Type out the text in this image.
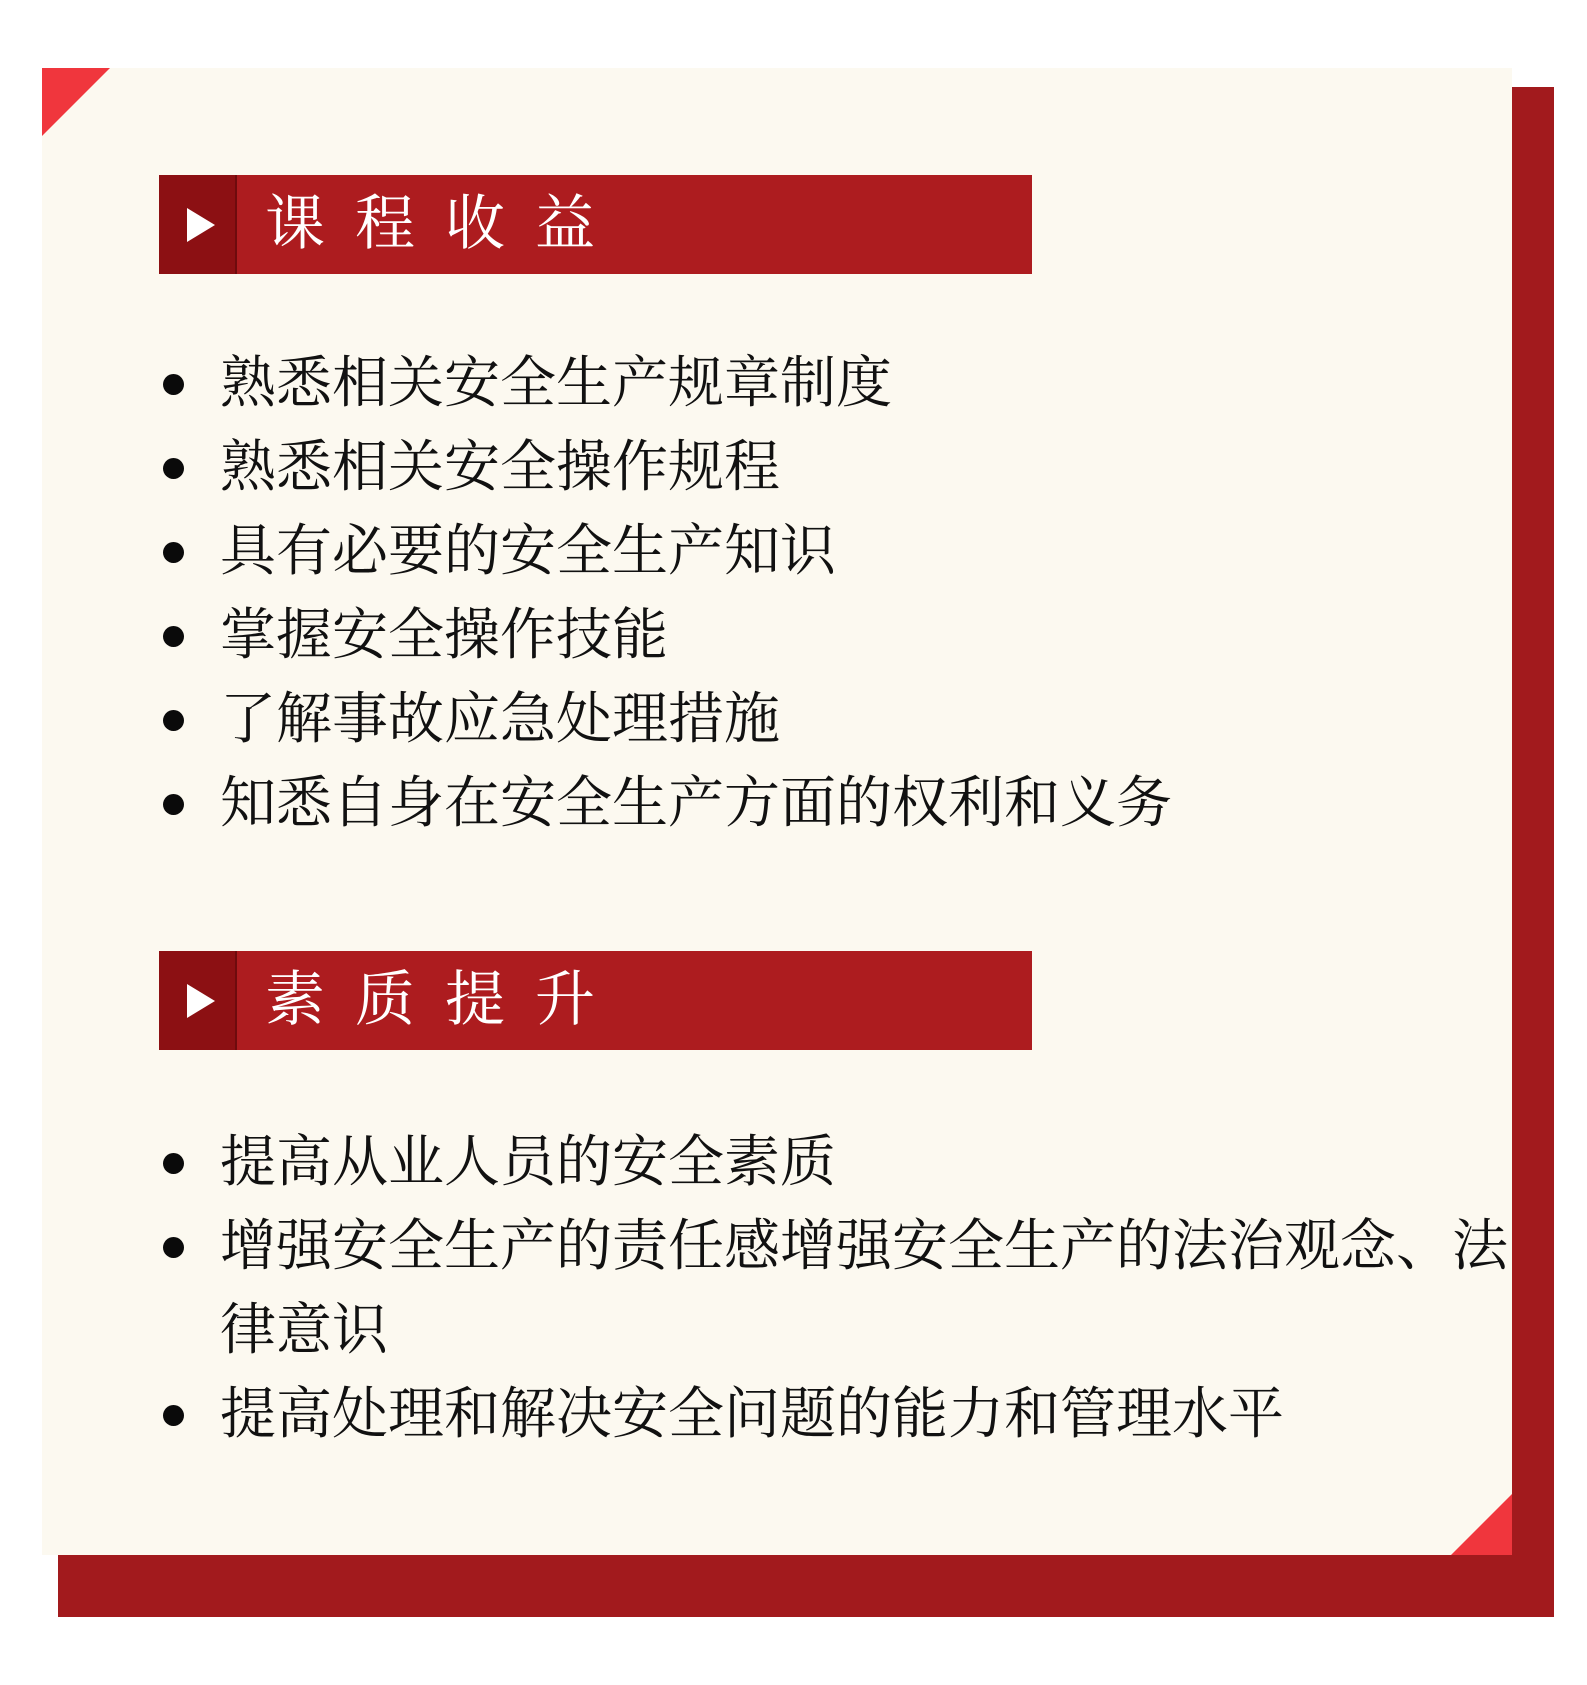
课程收益
熟悉相关安全生产规章制度
熟悉相关安全操作规程
具有必要的安全生产知识
掌握安全操作技能
了解事故应急处理措施
知悉自身在安全生产方面的权利和义务
素质提升
提高从业人员的安全素质
增强安全生产的责任感增强安全生产的法治观念、法律意识
提高处理和解决安全问题的能力和管理水平
